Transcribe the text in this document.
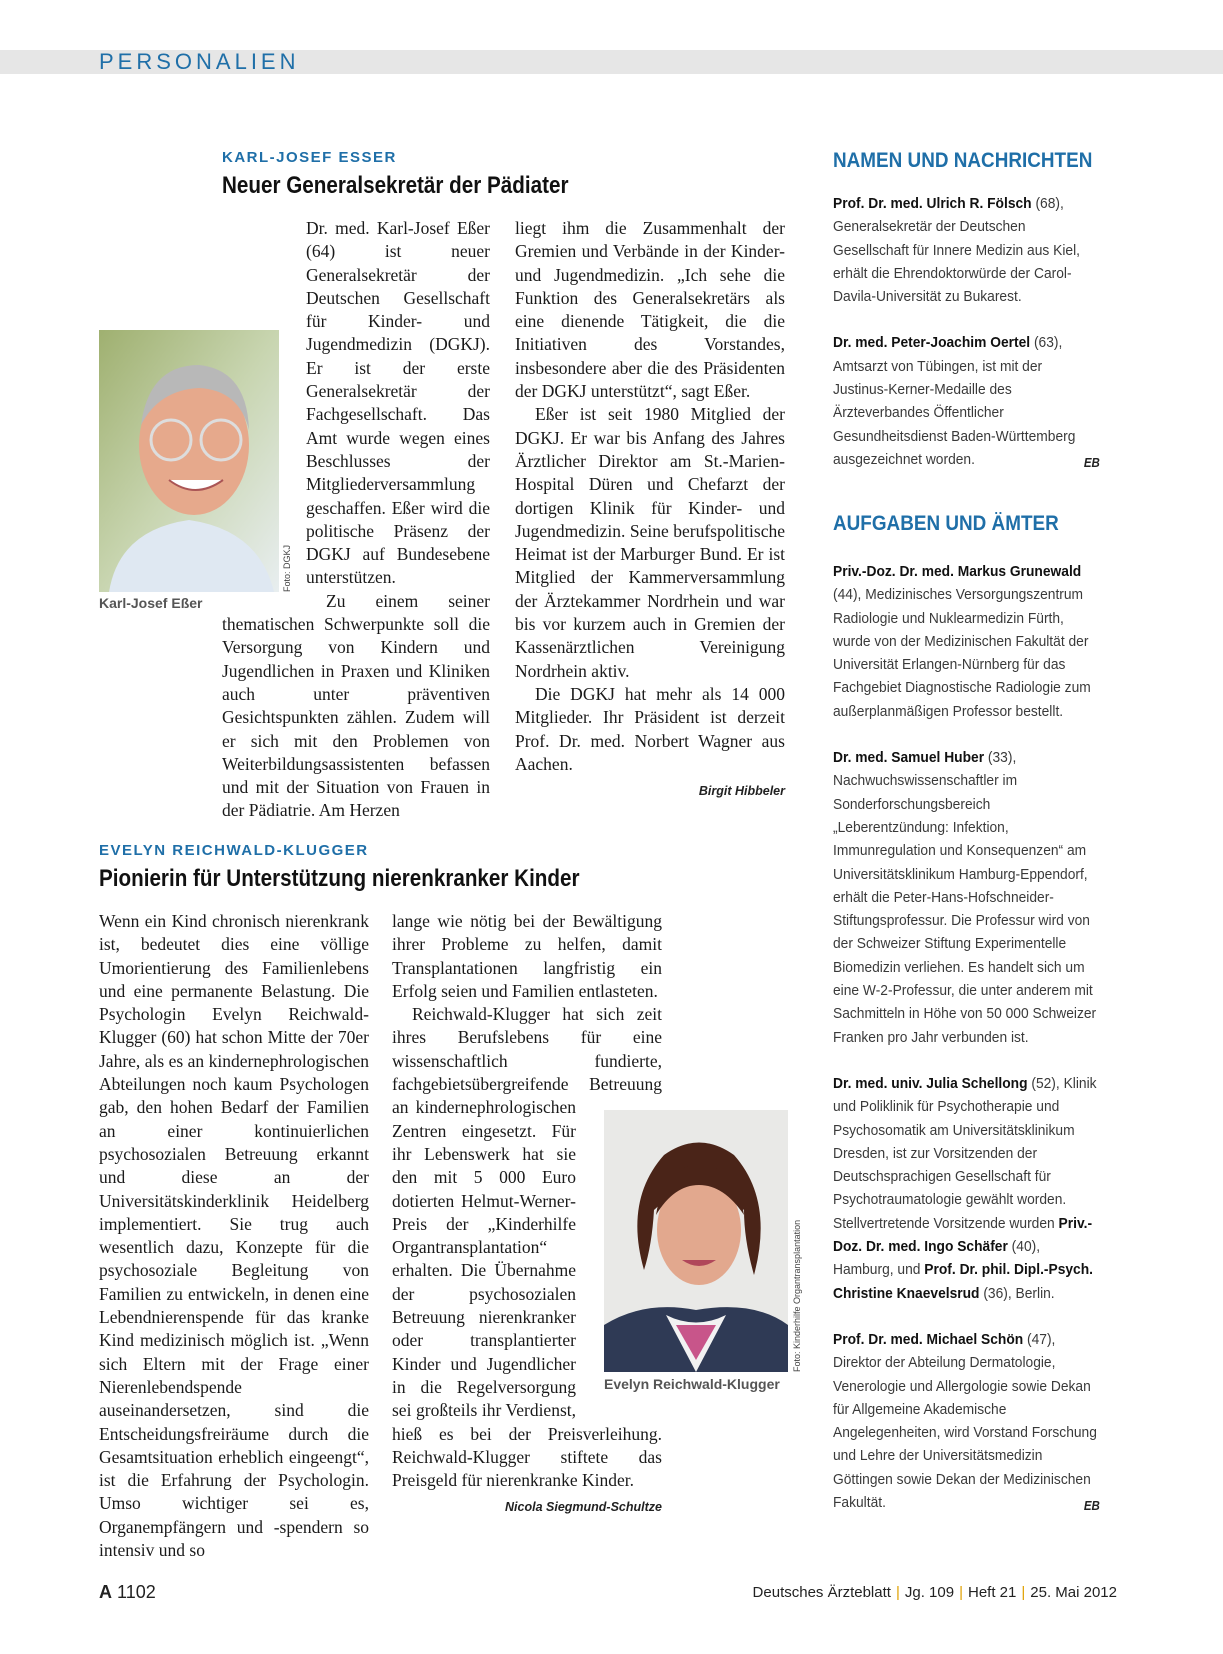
PERSONALIEN
KARL-JOSEF ESSER
Neuer Generalsekretär der Pädiater
Foto: DGKJ
Karl-Josef Eßer

Dr. med. Karl-Josef Eßer (64) ist neuer Generalsekretär der Deutschen Gesellschaft für Kinder- und Jugendmedizin (DGKJ). Er ist der erste Generalsekretär der Fachgesellschaft. Das Amt wurde wegen eines Beschlusses der Mitgliederversammlung geschaffen. Eßer wird die politische Präsenz der DGKJ auf Bundesebene unterstützen.

Zu einem seiner thematischen Schwerpunkte soll die Versorgung von Kindern und Jugendlichen in Praxen und Kliniken auch unter präventiven Gesichtspunkten zählen. Zudem will er sich mit den Problemen von Weiterbildungsassistenten befassen und mit der Situation von Frauen in der Pädiatrie. Am Herzen

liegt ihm die Zusammenhalt der Gremien und Verbände in der Kinder- und Jugendmedizin. „Ich sehe die Funktion des Generalsekretärs als eine dienende Tätigkeit, die die Initiativen des Vorstandes, insbesondere aber die des Präsidenten der DGKJ unterstützt“, sagt Eßer.

Eßer ist seit 1980 Mitglied der DGKJ. Er war bis Anfang des Jahres Ärztlicher Direktor am St.-Marien-Hospital Düren und Chefarzt der dortigen Klinik für Kinder- und Jugendmedizin. Seine berufspolitische Heimat ist der Marburger Bund. Er ist Mitglied der Kammerversammlung der Ärztekammer Nordrhein und war bis vor kurzem auch in Gremien der Kassenärztlichen Vereinigung Nordrhein aktiv.

Die DGKJ hat mehr als 14 000 Mitglieder. Ihr Präsident ist derzeit Prof. Dr. med. Norbert Wagner aus Aachen.

Birgit Hibbeler
EVELYN REICHWALD-KLUGGER
Pionierin für Unterstützung nierenkranker Kinder

Wenn ein Kind chronisch nierenkrank ist, bedeutet dies eine völlige Umorientierung des Familienlebens und eine permanente Belastung. Die Psychologin Evelyn Reichwald-Klugger (60) hat schon Mitte der 70er Jahre, als es an kindernephrologischen Abteilungen noch kaum Psychologen gab, den hohen Bedarf der Familien an einer kontinuierlichen psychosozialen Betreuung erkannt und diese an der Universitätskinderklinik Heidelberg implementiert. Sie trug auch wesentlich dazu, Konzepte für die psychosoziale Begleitung von Familien zu entwickeln, in denen eine Lebendnierenspende für das kranke Kind medizinisch möglich ist. „Wenn sich Eltern mit der Frage einer Nierenlebendspende auseinandersetzen, sind die Entscheidungsfreiräume durch die Gesamtsituation erheblich eingeengt“, ist die Erfahrung der Psychologin. Umso wichtiger sei es, Organempfängern und -spendern so intensiv und so

Foto: Kinderhilfe Organtransplantation
Evelyn Reichwald-Klugger

lange wie nötig bei der Bewältigung ihrer Probleme zu helfen, damit Transplantationen langfristig ein Erfolg seien und Familien entlasteten.

Reichwald-Klugger hat sich zeit ihres Berufslebens für eine wissenschaftlich fundierte, fachgebietsübergreifende Betreuung an kindernephrologischen Zentren eingesetzt. Für ihr Lebenswerk hat sie den mit 5 000 Euro dotierten Helmut-Werner-Preis der „Kinderhilfe Organtransplantation“ erhalten. Die Übernahme der psychosozialen Betreuung nierenkranker oder transplantierter Kinder und Jugendlicher in die Regelversorgung sei großteils ihr Verdienst, hieß es bei der Preisverleihung. Reichwald-Klugger stiftete das Preisgeld für nierenkranke Kinder.

Nicola Siegmund-Schultze
NAMEN UND NACHRICHTEN

Prof. Dr. med. Ulrich R. Fölsch (68), Generalsekretär der Deutschen Gesellschaft für Innere Medizin aus Kiel, erhält die Ehrendoktorwürde der Carol-Davila-Universität zu Bukarest.

Dr. med. Peter-Joachim Oertel (63), Amtsarzt von Tübingen, ist mit der Justinus-Kerner-Medaille des Ärzteverbandes Öffentlicher Gesundheitsdienst Baden-Württemberg ausgezeichnet worden.	EB

AUFGABEN UND ÄMTER

Priv.-Doz. Dr. med. Markus Grunewald (44), Medizinisches Versorgungszentrum Radiologie und Nuklearmedizin Fürth, wurde von der Medizinischen Fakultät der Universität Erlangen-Nürnberg für das Fachgebiet Diagnostische Radiologie zum außerplanmäßigen Professor bestellt.

Dr. med. Samuel Huber (33), Nachwuchswissenschaftler im Sonderforschungsbereich „Leberentzündung: Infektion, Immunregulation und Konsequenzen“ am Universitätsklinikum Hamburg-Eppendorf, erhält die Peter-Hans-Hofschneider-Stiftungsprofessur. Die Professur wird von der Schweizer Stiftung Experimentelle Biomedizin verliehen. Es handelt sich um eine W-2-Professur, die unter anderem mit Sachmitteln in Höhe von 50 000 Schweizer Franken pro Jahr verbunden ist.

Dr. med. univ. Julia Schellong (52), Klinik und Poliklinik für Psychotherapie und Psychosomatik am Universitätsklinikum Dresden, ist zur Vorsitzenden der Deutschsprachigen Gesellschaft für Psychotraumatologie gewählt worden. Stellvertretende Vorsitzende wurden Priv.-Doz. Dr. med. Ingo Schäfer (40), Hamburg, und Prof. Dr. phil. Dipl.-Psych. Christine Knaevelsrud (36), Berlin.

Prof. Dr. med. Michael Schön (47), Direktor der Abteilung Dermatologie, Venerologie und Allergologie sowie Dekan für Allgemeine Akademische Angelegenheiten, wird Vorstand Forschung und Lehre der Universitätsmedizin Göttingen sowie Dekan der Medizinischen Fakultät.	EB

A 1102	Deutsches Ärzteblatt | Jg. 109 | Heft 21 | 25. Mai 2012
